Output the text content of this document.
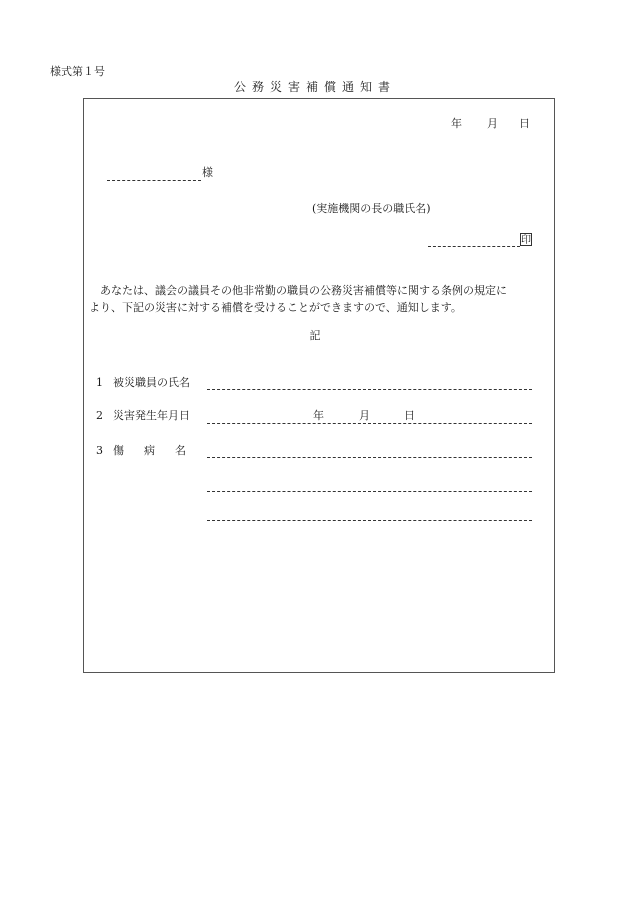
様式第１号
公務災害補償通知書
年 月 日
様
(実施機関の長の職氏名)
印
あなたは、議会の議員その他非常勤の職員の公務災害補償等に関する条例の規定に
より、下記の災害に対する補償を受けることができますので、通知します。
記
1 被災職員の氏名
2 災害発生年月日	年	月	日
3 傷病名
